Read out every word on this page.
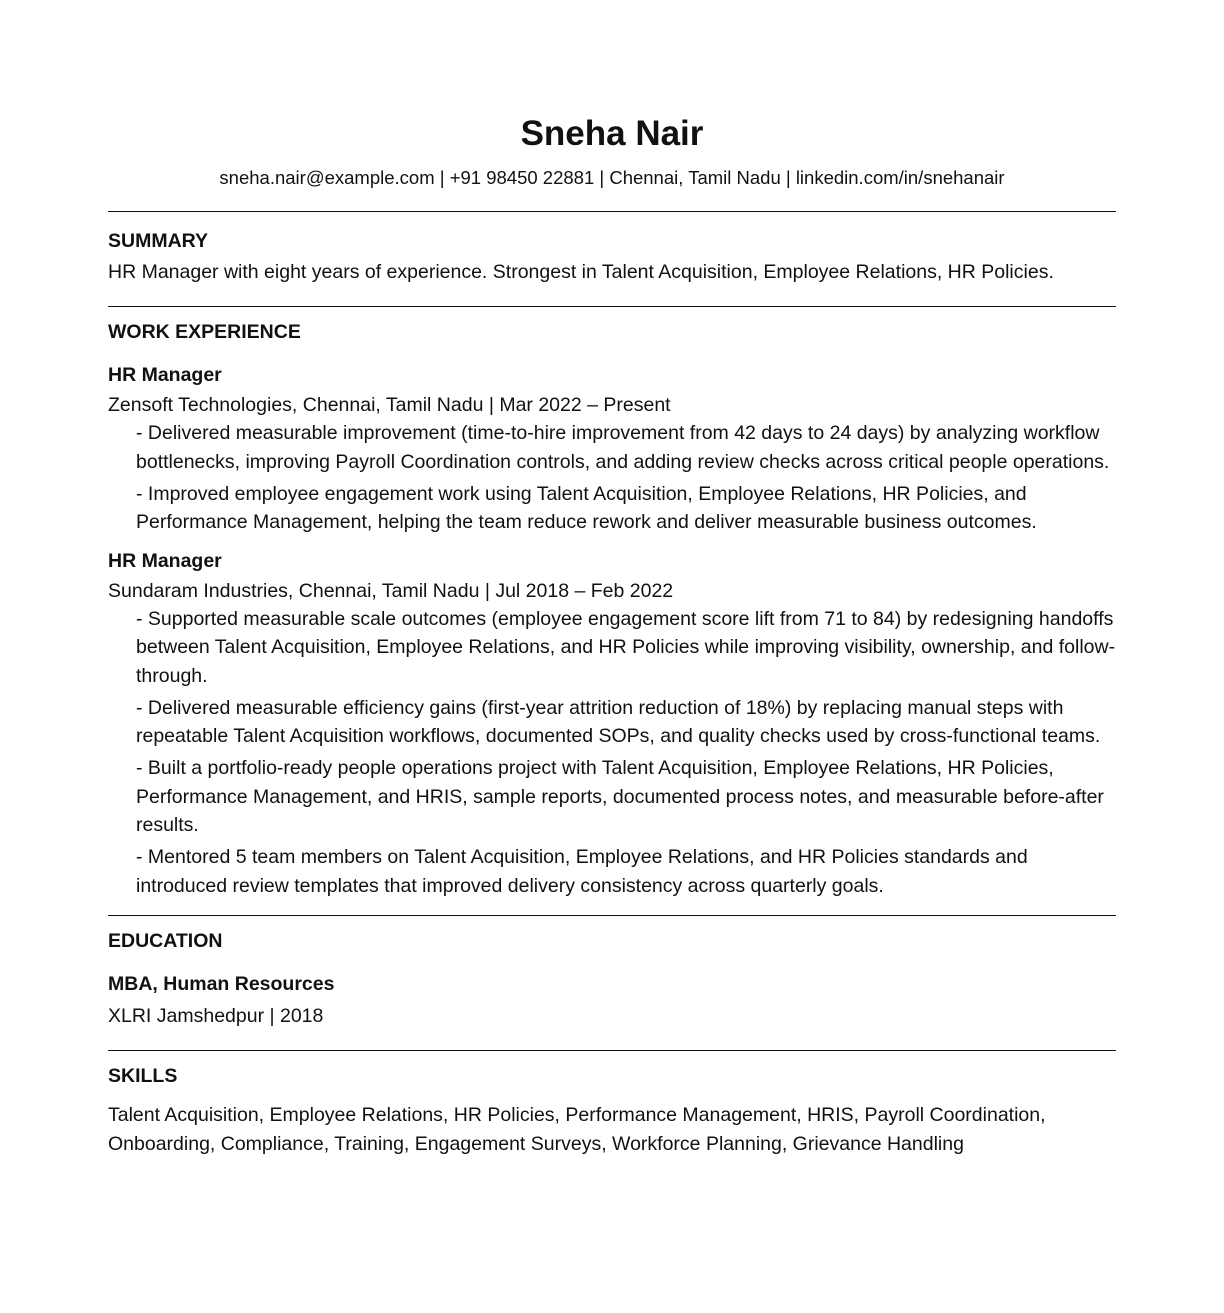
Sneha Nair
sneha.nair@example.com | +91 98450 22881 | Chennai, Tamil Nadu | linkedin.com/in/snehanair
SUMMARY
HR Manager with eight years of experience. Strongest in Talent Acquisition, Employee Relations, HR Policies.
WORK EXPERIENCE
HR Manager
Zensoft Technologies, Chennai, Tamil Nadu | Mar 2022 – Present
- Delivered measurable improvement (time-to-hire improvement from 42 days to 24 days) by analyzing workflow bottlenecks, improving Payroll Coordination controls, and adding review checks across critical people operations.
- Improved employee engagement work using Talent Acquisition, Employee Relations, HR Policies, and Performance Management, helping the team reduce rework and deliver measurable business outcomes.
HR Manager
Sundaram Industries, Chennai, Tamil Nadu | Jul 2018 – Feb 2022
- Supported measurable scale outcomes (employee engagement score lift from 71 to 84) by redesigning handoffs between Talent Acquisition, Employee Relations, and HR Policies while improving visibility, ownership, and follow-through.
- Delivered measurable efficiency gains (first-year attrition reduction of 18%) by replacing manual steps with repeatable Talent Acquisition workflows, documented SOPs, and quality checks used by cross-functional teams.
- Built a portfolio-ready people operations project with Talent Acquisition, Employee Relations, HR Policies, Performance Management, and HRIS, sample reports, documented process notes, and measurable before-after results.
- Mentored 5 team members on Talent Acquisition, Employee Relations, and HR Policies standards and introduced review templates that improved delivery consistency across quarterly goals.
EDUCATION
MBA, Human Resources
XLRI Jamshedpur | 2018
SKILLS
Talent Acquisition, Employee Relations, HR Policies, Performance Management, HRIS, Payroll Coordination, Onboarding, Compliance, Training, Engagement Surveys, Workforce Planning, Grievance Handling
